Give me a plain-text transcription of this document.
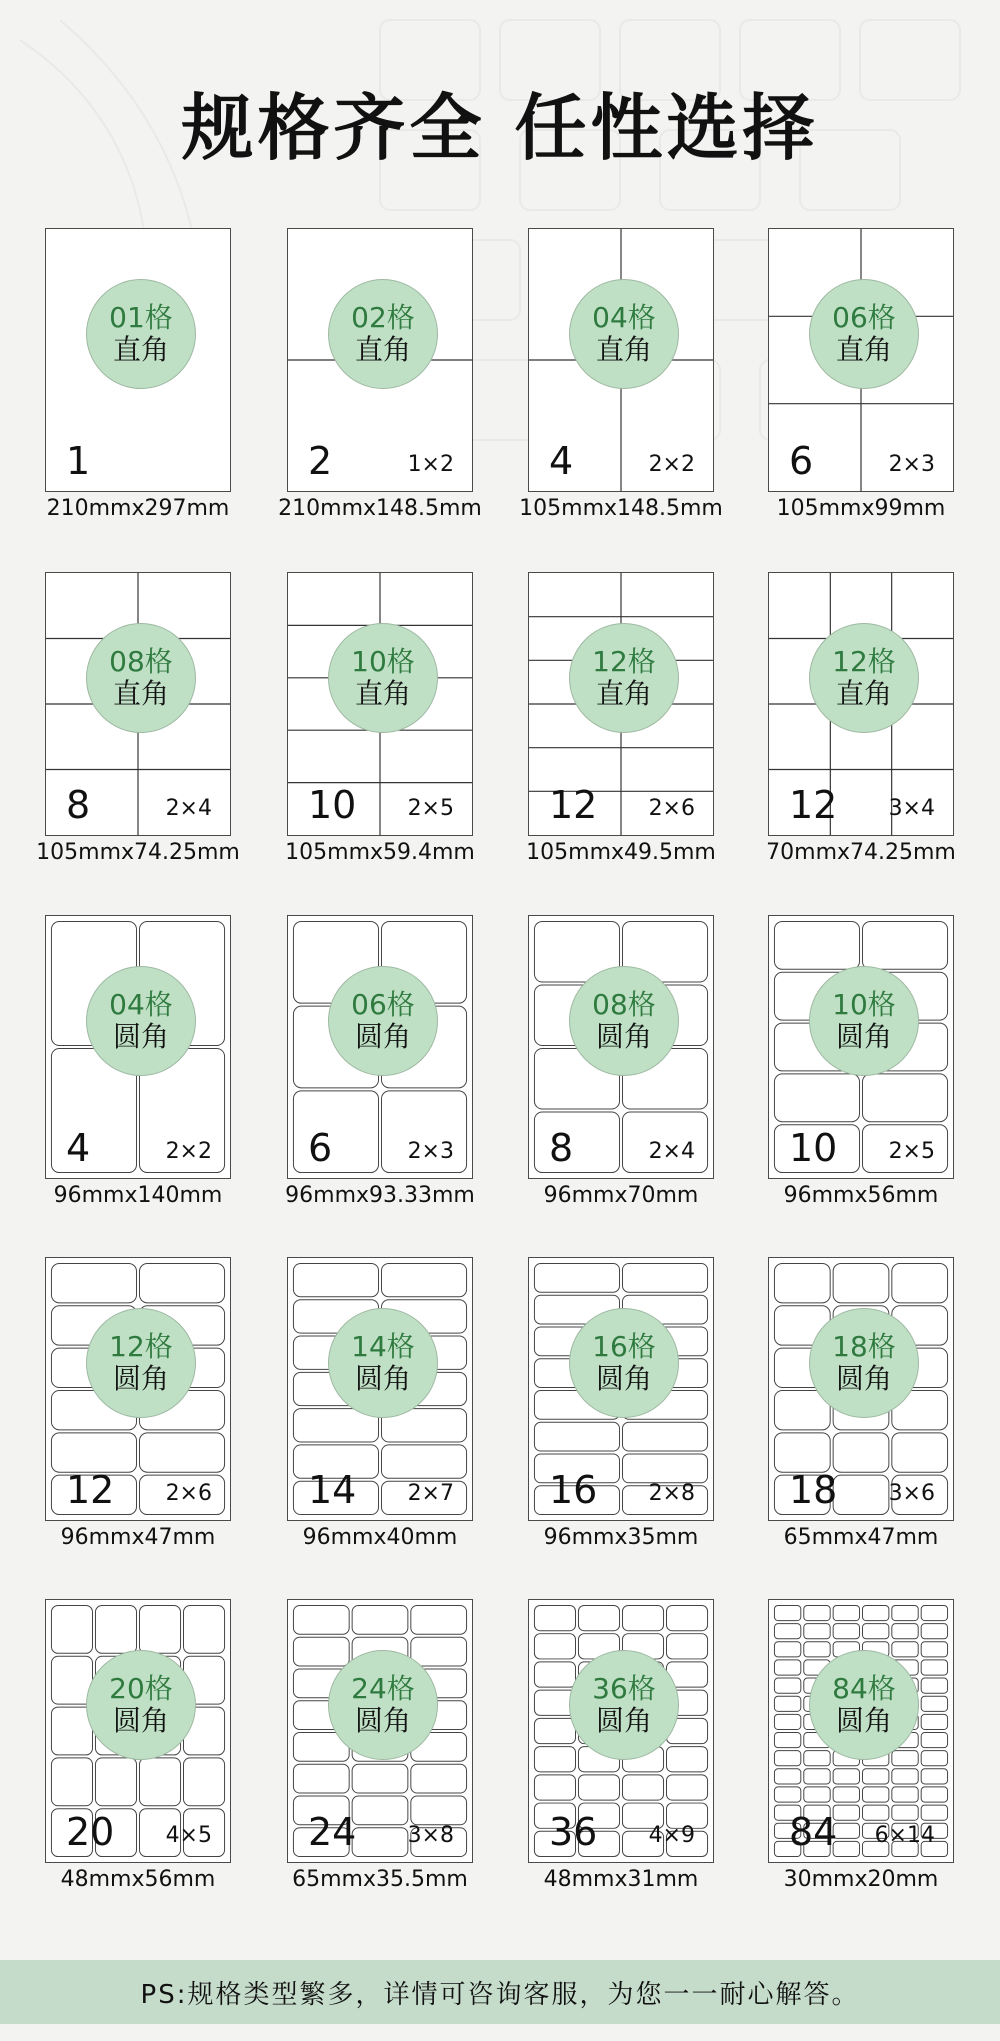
规格齐全 任性选择
01格
直角
1
210mmx297mm
02格
直角
2	1×2
210mmx148.5mm
04格
直角
4	2×2
105mmx148.5mm
06格
直角
6	2×3
105mmx99mm
08格
直角
8	2×4
105mmx74.25mm
10格
直角
10 2×5
105mmx59.4mm
12格
直角
12 2×6
105mmx49.5mm
12格
直角
12 3×4
70mmx74.25mm
04格
圆角
4	2×2
96mmx140mm
06格
圆角
6	2×3
96mmx93.33mm
08格
圆角
8	2×4
96mmx70mm
10格
圆角
10 2×5
96mmx56mm
12格
圆角
12 2×6
96mmx47mm
14格
圆角
14 2×7
96mmx40mm
16格
圆角
16 2×8
96mmx35mm
18格
圆角
18 3×6
65mmx47mm
20格
圆角
20 4×5
48mmx56mm
24格
圆角
24 3×8
65mmx35.5mm
36格
圆角
36 4×9
48mmx31mm
84格
圆角
84 6×14
30mmx20mm
PS:规格类型繁多，详情可咨询客服，为您一一耐心解答。
